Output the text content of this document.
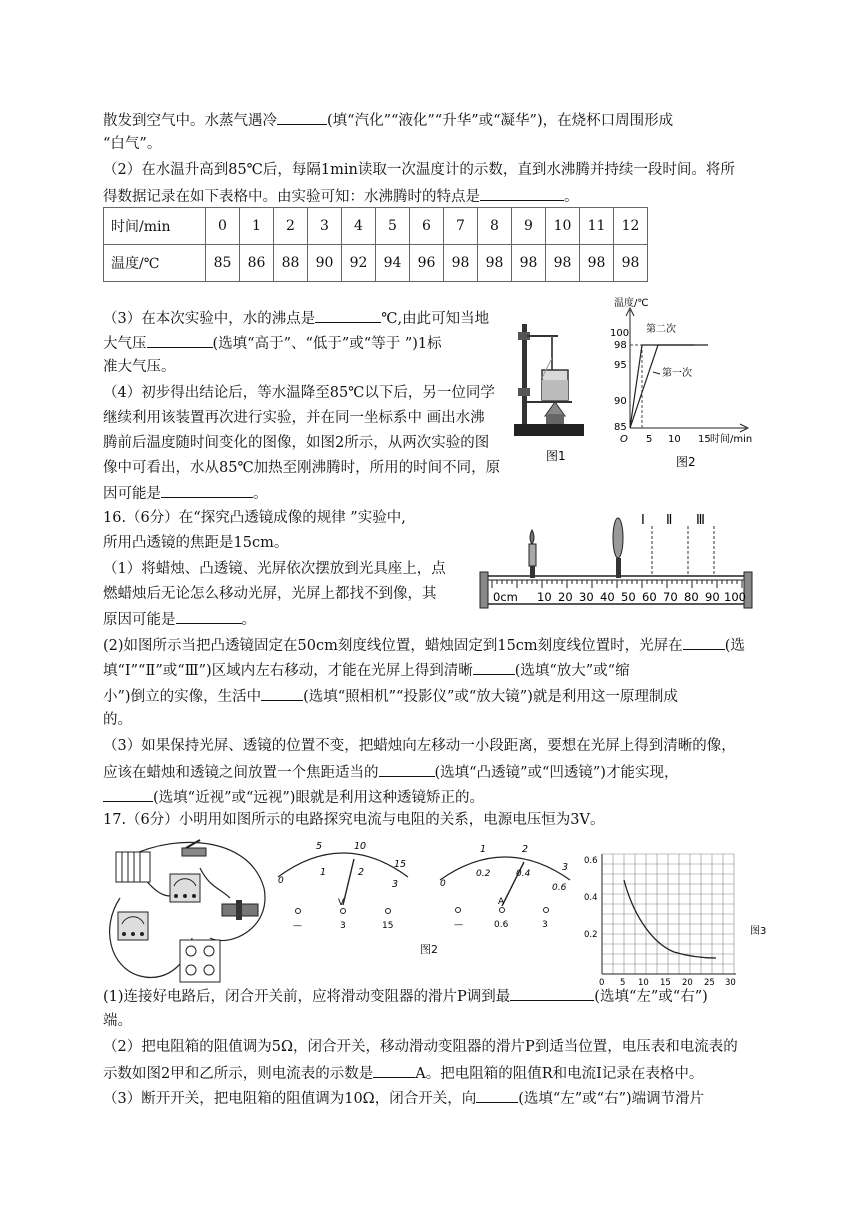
散发到空气中。水蒸气遇冷	(填“汽化”“液化”“升华”或“凝华”)，在烧杯口周围形成
“白气”。
（2）在水温升高到85℃后，每隔1min读取一次温度计的示数，直到水沸腾并持续一段时间。将所
得数据记录在如下表格中。由实验可知：水沸腾时的特点是	。
时间/min	0	1	2	3	4	5	6	7	8	9	10	11	12
温度/℃	85	86	88	90	92	94	96	98	98	98	98	98	98
（3）在本次实验中，水的沸点是	℃,由此可知当地
大气压	(选填“高于”、“低于”或“等于 ”)1标
准大气压。
（4）初步得出结论后，等水温降至85℃以下后，另一位同学
继续利用该装置再次进行实验，并在同一坐标系中 画出水沸
腾前后温度随时间变化的图像，如图2所示，从两次实验的图
像中可看出，水从85℃加热至刚沸腾时，所用的时间不同，原
因可能是	。
图1
温度/℃
时间/min
100
98
95
90
85
O 5 10 15
第二次
第一次
图2
16.（6分）在“探究凸透镜成像的规律 ”实验中,
所用凸透镜的焦距是15cm。
（1）将蜡烛、凸透镜、光屏依次摆放到光具座上，点
燃蜡烛后无论怎么移动光屏，光屏上都找不到像，其
原因可能是	。
0cm 10 20 30 40 50 60 70 80 90 100
Ⅰ Ⅱ Ⅲ
(2)如图所示当把凸透镜固定在50cm刻度线位置，蜡烛固定到15cm刻度线位置时，光屏在	(选
填“Ⅰ”“Ⅱ”或“Ⅲ”)区域内左右移动，才能在光屏上得到清晰	(选填“放大”或“缩
小”)倒立的实像，生活中	(选填“照相机”“投影仪”或“放大镜”)就是利用这一原理制成
的。
（3）如果保持光屏、透镜的位置不变，把蜡烛向左移动一小段距离，要想在光屏上得到清晰的像，
应该在蜡烛和透镜之间放置一个焦距适当的	(选填“凸透镜”或“凹透镜”)才能实现，
(选填“近视”或“远视”)眼就是利用这种透镜矫正的。
17.（6分）小明用如图所示的电路探究电流与电阻的关系，电源电压恒为3V。
0
5	10
15
1	2
3
V
—	3	15
0
1	2
3
0.2	0.4
0.6
A
—	0.6	3
图2
0.6
0.4
0.2
0 5 10 15 20 25 30
图3
(1)连接好电路后，闭合开关前，应将滑动变阻器的滑片P调到最	(选填“左”或“右”)
端。
（2）把电阻箱的阻值调为5Ω，闭合开关，移动滑动变阻器的滑片P到适当位置，电压表和电流表的
示数如图2甲和乙所示，则电流表的示数是	A。把电阻箱的阻值R和电流I记录在表格中。
（3）断开开关，把电阻箱的阻值调为10Ω，闭合开关，向	(选填“左”或“右”)端调节滑片
